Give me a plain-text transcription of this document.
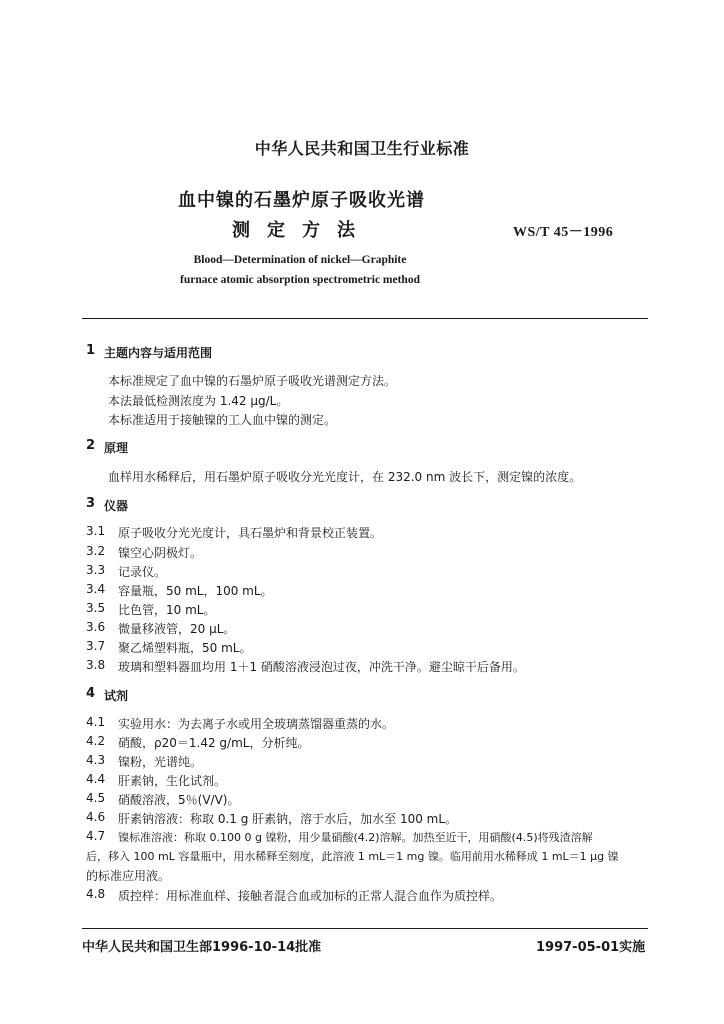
中华人民共和国卫生行业标准
血中镍的石墨炉原子吸收光谱
测定方法	WS/T 45－1996
Blood—Determination of nickel—Graphite
furnace atomic absorption spectrometric method
1 主题内容与适用范围
本标准规定了血中镍的石墨炉原子吸收光谱测定方法。
本法最低检测浓度为 1.42 μg/L。
本标准适用于接触镍的工人血中镍的测定。
2 原理
血样用水稀释后，用石墨炉原子吸收分光光度计，在 232.0 nm 波长下，测定镍的浓度。
3 仪器
3.1 原子吸收分光光度计，具石墨炉和背景校正装置。
3.2 镍空心阴极灯。
3.3 记录仪。
3.4 容量瓶，50 mL，100 mL。
3.5 比色管，10 mL。
3.6 微量移液管，20 μL。
3.7 聚乙烯塑料瓶，50 mL。
3.8 玻璃和塑料器皿均用 1＋1 硝酸溶液浸泡过夜，冲洗干净。避尘晾干后备用。
4 试剂
4.1 实验用水：为去离子水或用全玻璃蒸馏器重蒸的水。
4.2 硝酸，ρ20＝1.42 g/mL，分析纯。
4.3 镍粉，光谱纯。
4.4 肝素钠，生化试剂。
4.5 硝酸溶液，5％(V/V)。
4.6 肝素钠溶液：称取 0.1 g 肝素钠，溶于水后，加水至 100 mL。
4.7 镍标准溶液：称取 0.100 0 g 镍粉，用少量硝酸(4.2)溶解。加热至近干，用硝酸(4.5)将残渣溶解
后，移入 100 mL 容量瓶中，用水稀释至刻度，此溶液 1 mL＝1 mg 镍。临用前用水稀释成 1 mL＝1 μg 镍
的标准应用液。
4.8 质控样：用标准血样、接触者混合血或加标的正常人混合血作为质控样。
中华人民共和国卫生部1996-10-14批准	1997-05-01实施
